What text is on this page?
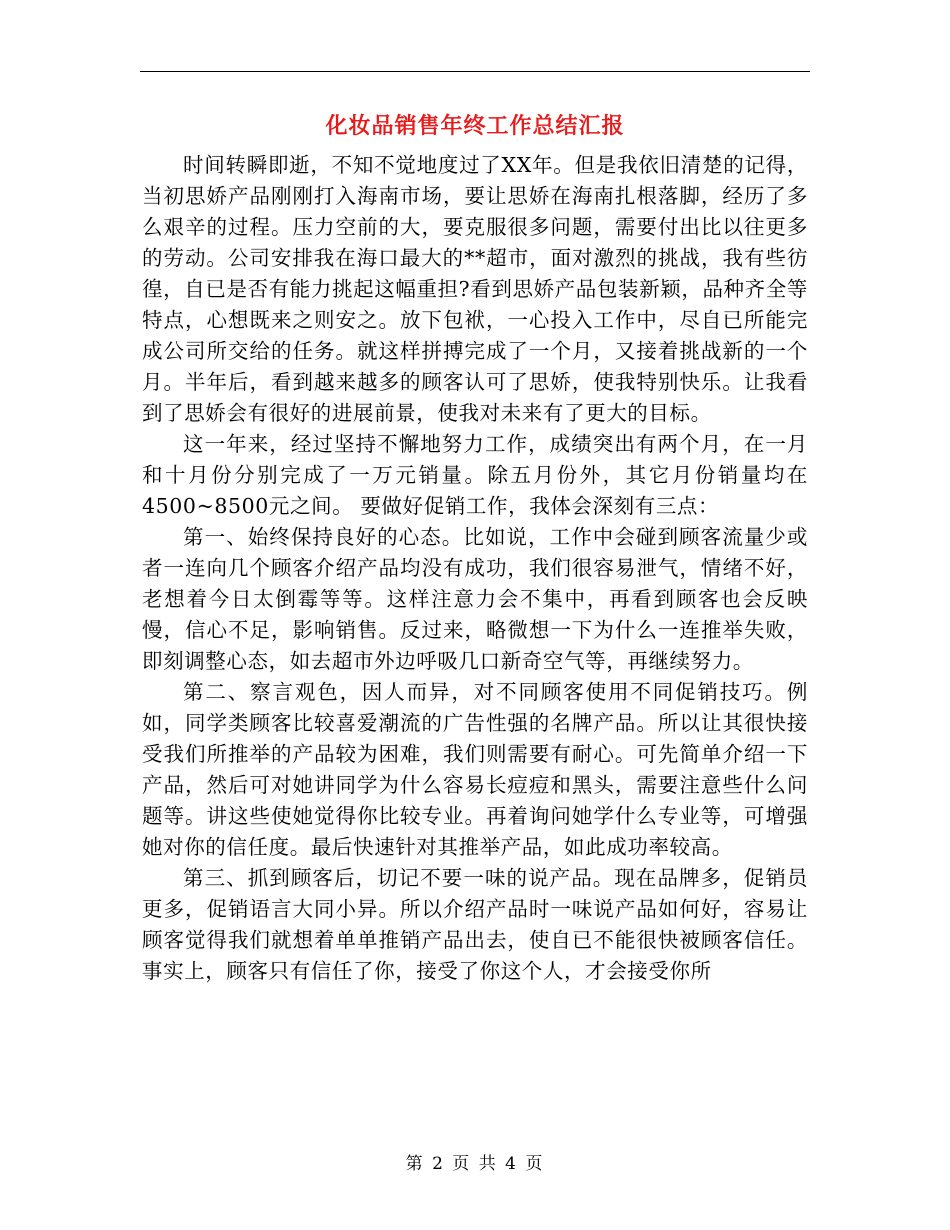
化妆品销售年终工作总结汇报

时间转瞬即逝，不知不觉地度过了XX年。但是我依旧清楚的记得，当初思娇产品刚刚打入海南市场，要让思娇在海南扎根落脚，经历了多么艰辛的过程。压力空前的大，要克服很多问题，需要付出比以往更多的劳动。公司安排我在海口最大的**超市，面对激烈的挑战，我有些彷徨，自已是否有能力挑起这幅重担?看到思娇产品包装新颖，品种齐全等特点，心想既来之则安之。放下包袱，一心投入工作中，尽自已所能完成公司所交给的任务。就这样拼搏完成了一个月，又接着挑战新的一个月。半年后，看到越来越多的顾客认可了思娇，使我特别快乐。让我看到了思娇会有很好的进展前景，使我对未来有了更大的目标。

这一年来，经过坚持不懈地努力工作，成绩突出有两个月，在一月和十月份分别完成了一万元销量。除五月份外，其它月份销量均在4500~8500元之间。 要做好促销工作，我体会深刻有三点：

第一、始终保持良好的心态。比如说，工作中会碰到顾客流量少或者一连向几个顾客介绍产品均没有成功，我们很容易泄气，情绪不好，老想着今日太倒霉等等。这样注意力会不集中，再看到顾客也会反映慢，信心不足，影响销售。反过来，略微想一下为什么一连推举失败，即刻调整心态，如去超市外边呼吸几口新奇空气等，再继续努力。

第二、察言观色，因人而异，对不同顾客使用不同促销技巧。例如，同学类顾客比较喜爱潮流的广告性强的名牌产品。所以让其很快接受我们所推举的产品较为困难，我们则需要有耐心。可先简单介绍一下产品，然后可对她讲同学为什么容易长痘痘和黑头，需要注意些什么问题等。讲这些使她觉得你比较专业。再着询问她学什么专业等，可增强她对你的信任度。最后快速针对其推举产品，如此成功率较高。

第三、抓到顾客后，切记不要一味的说产品。现在品牌多，促销员更多，促销语言大同小异。所以介绍产品时一味说产品如何好，容易让顾客觉得我们就想着单单推销产品出去，使自已不能很快被顾客信任。事实上，顾客只有信任了你，接受了你这个人，才会接受你所

第 2 页 共 4 页
